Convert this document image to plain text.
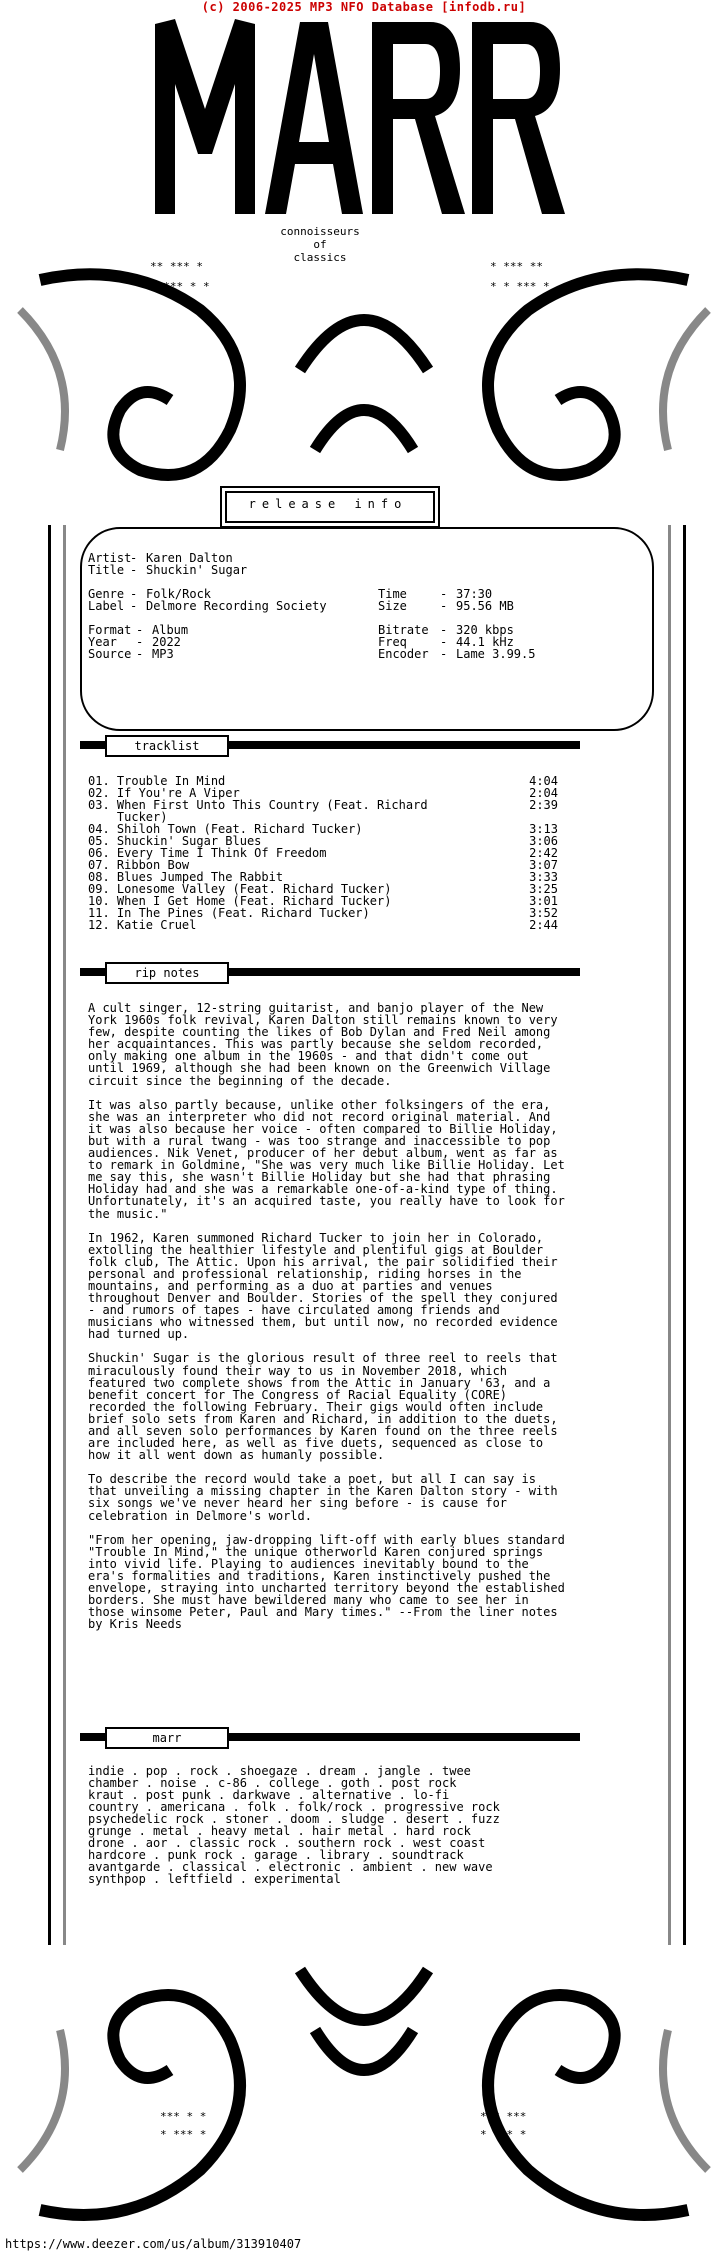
(c) 2006-2025 MP3 NFO Database [infodb.ru]
connoisseurs
of
classics
** *** *
* *** * *
* *** **
* * *** *
release info
Artist
- Karen Dalton
Title - Shuckin' Sugar
Genre - Folk/Rock	Time	- 37:30
Label - Delmore Recording Society	Size	- 95.56 MB
Format - Album	Bitrate - 320 kbps
Year - 2022	Freq	- 44.1 kHz
Source - MP3	Encoder - Lame 3.99.5
tracklist
rip notes

A cult singer, 12-string guitarist, and banjo player of the New York 1960s folk revival, Karen Dalton still remains known to very few, despite counting the likes of Bob Dylan and Fred Neil among her acquaintances. This was partly because she seldom recorded, only making one album in the 1960s - and that didn't come out until 1969, although she had been known on the Greenwich Village circuit since the beginning of the decade.

It was also partly because, unlike other folksingers of the era, she was an interpreter who did not record original material. And it was also because her voice - often compared to Billie Holiday, but with a rural twang - was too strange and inaccessible to pop audiences. Nik Venet, producer of her debut album, went as far as to remark in Goldmine, "She was very much like Billie Holiday. Let me say this, she wasn't Billie Holiday but she had that phrasing Holiday had and she was a remarkable one-of-a-kind type of thing. Unfortunately, it's an acquired taste, you really have to look for the music."

In 1962, Karen summoned Richard Tucker to join her in Colorado, extolling the healthier lifestyle and plentiful gigs at Boulder folk club, The Attic. Upon his arrival, the pair solidified their personal and professional relationship, riding horses in the mountains, and performing as a duo at parties and venues throughout Denver and Boulder. Stories of the spell they conjured - and rumors of tapes - have circulated among friends and musicians who witnessed them, but until now, no recorded evidence had turned up.

Shuckin' Sugar is the glorious result of three reel to reels that miraculously found their way to us in November 2018, which featured two complete shows from the Attic in January '63, and a benefit concert for The Congress of Racial Equality (CORE) recorded the following February. Their gigs would often include brief solo sets from Karen and Richard, in addition to the duets, and all seven solo performances by Karen found on the three reels are included here, as well as five duets, sequenced as close to how it all went down as humanly possible.

To describe the record would take a poet, but all I can say is that unveiling a missing chapter in the Karen Dalton story - with six songs we've never heard her sing before - is cause for celebration in Delmore's world.

"From her opening, jaw-dropping lift-off with early blues standard "Trouble In Mind," the unique otherworld Karen conjured springs into vivid life. Playing to audiences inevitably bound to the era's formalities and traditions, Karen instinctively pushed the envelope, straying into uncharted territory beyond the established borders. She must have bewildered many who came to see her in those winsome Peter, Paul and Mary times." --From the liner notes by Kris Needs

marr
indie . pop . rock . shoegaze . dream . jangle . twee
chamber . noise . c-86 . college . goth . post rock
kraut . post punk . darkwave . alternative . lo-fi
country . americana . folk . folk/rock . progressive rock
psychedelic rock . stoner . doom . sludge . desert . fuzz
grunge . metal . heavy metal . hair metal . hard rock
drone . aor . classic rock . southern rock . west coast
hardcore . punk rock . garage . library . soundtrack
avantgarde . classical . electronic . ambient . new wave
synthpop . leftfield . experimental
*** * *
* *** *
* * ***
* *** *
https://www.deezer.com/us/album/313910407
01. Trouble In Mind	4:04
02. If You're A Viper	2:04
03. When First Unto This Country (Feat. Richard	2:39
Tucker)
04. Shiloh Town (Feat. Richard Tucker)	3:13
05. Shuckin' Sugar Blues	3:06
06. Every Time I Think Of Freedom	2:42
07. Ribbon Bow	3:07
08. Blues Jumped The Rabbit	3:33
09. Lonesome Valley (Feat. Richard Tucker)	3:25
10. When I Get Home (Feat. Richard Tucker)	3:01
11. In The Pines (Feat. Richard Tucker)	3:52
12. Katie Cruel	2:44
